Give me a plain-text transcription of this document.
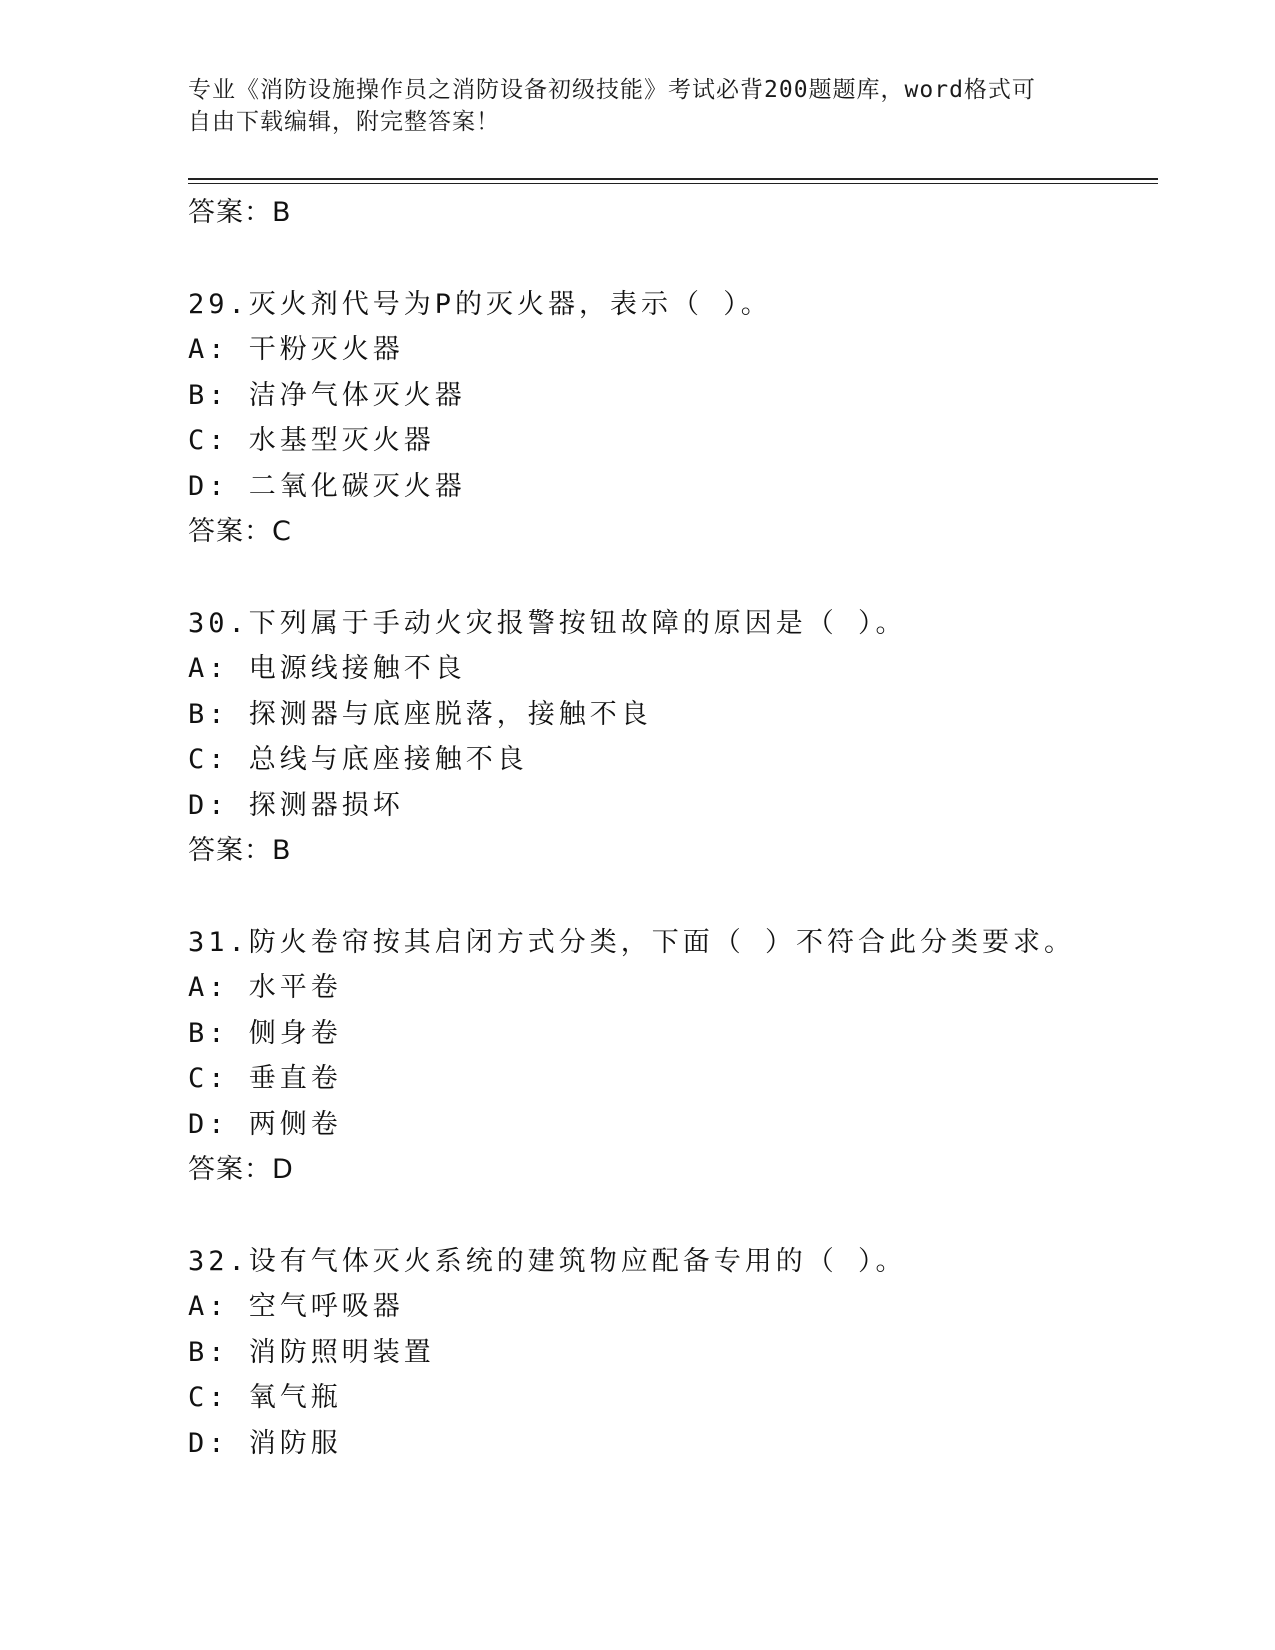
专业《消防设施操作员之消防设备初级技能》考试必背200题题库，word格式可
自由下载编辑，附完整答案！
答案：B
29.灭火剂代号为P的灭火器，表示（ ）。
A: 干粉灭火器
B: 洁净气体灭火器
C: 水基型灭火器
D: 二氧化碳灭火器
答案：C
30.下列属于手动火灾报警按钮故障的原因是（ ）。
A: 电源线接触不良
B: 探测器与底座脱落，接触不良
C: 总线与底座接触不良
D: 探测器损坏
答案：B
31.防火卷帘按其启闭方式分类，下面（ ）不符合此分类要求。
A: 水平卷
B: 侧身卷
C: 垂直卷
D: 两侧卷
答案：D
32.设有气体灭火系统的建筑物应配备专用的（ ）。
A: 空气呼吸器
B: 消防照明装置
C: 氧气瓶
D: 消防服
